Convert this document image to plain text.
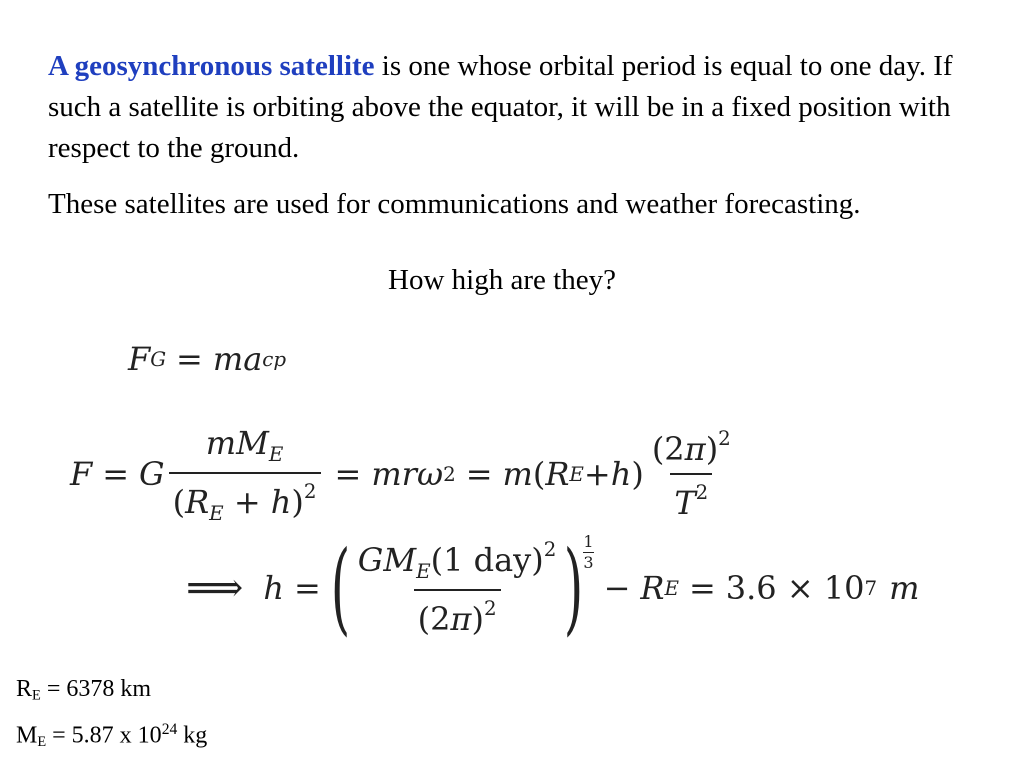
A geosynchronous satellite is one whose orbital period is equal to one day. If such a satellite is orbiting above the equator, it will be in a fixed position with respect to the ground.

These satellites are used for communications and weather forecasting.

How high are they?
F G = ma cp
F = G $\frac{mM_E}{(R_E + h)^2} = mr\omega$ 2 = m ( R E + h ) $\frac{(2\pi)^2}{T^2}$
⟹ h = ( $\frac{GM_E(1 day)^2}{(2\pi)^2}$ ) 1
3
− R E = 3.6 × 10 7 m
RE = 6378 km
ME = 5.87 x $10^{24}$ kg
